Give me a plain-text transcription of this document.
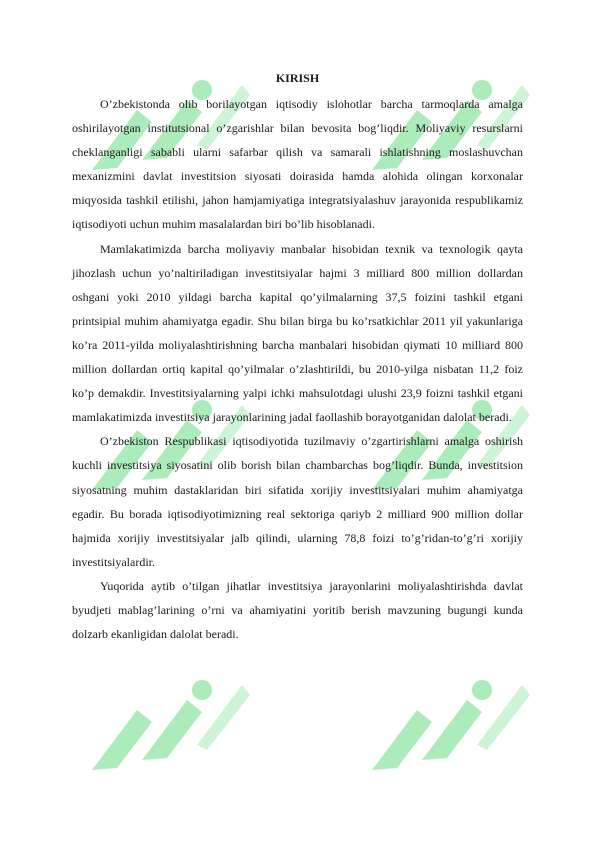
KIRISH

O’zbekistonda olib borilayotgan iqtisodiy islohotlar barcha tarmoqlarda amalga oshirilayotgan institutsional o’zgarishlar bilan bevosita bog’liqdir. Moliyaviy resurslarni cheklanganligi sababli ularni safarbar qilish va samarali ishlatishning moslashuvchan mexanizmini davlat investitsion siyosati doirasida hamda alohida olingan korxonalar miqyosida tashkil etilishi, jahon hamjamiyatiga integratsiyalashuv jarayonida respublikamiz iqtisodiyoti uchun muhim masalalardan biri bo’lib hisoblanadi.

Mamlakatimizda barcha moliyaviy manbalar hisobidan texnik va texnologik qayta jihozlash uchun yo’naltiriladigan investitsiyalar hajmi 3 milliard 800 million dollardan oshgani yoki 2010 yildagi barcha kapital qo’yilmalarning 37,5 foizini tashkil etgani printsipial muhim ahamiyatga egadir. Shu bilan birga bu ko’rsatkichlar 2011 yil yakunlariga ko’ra 2011-yilda moliyalashtirishning barcha manbalari hisobidan qiymati 10 milliard 800 million dollardan ortiq kapital qo’yilmalar o’zlashtirildi, bu 2010-yilga nisbatan 11,2 foiz ko’p demakdir. Investitsiyalarning yalpi ichki mahsulotdagi ulushi 23,9 foizni tashkil etgani mamlakatimizda investitsiya jarayonlarining jadal faollashib borayotganidan dalolat beradi.

O’zbekiston Respublikasi iqtisodiyotida tuzilmaviy o’zgartirishlarni amalga oshirish kuchli investitsiya siyosatini olib borish bilan chambarchas bog’liqdir. Bunda, investitsion siyosatning muhim dastaklaridan biri sifatida xorijiy investitsiyalari muhim ahamiyatga egadir. Bu borada iqtisodiyotimizning real sektoriga qariyb 2 milliard 900 million dollar hajmida xorijiy investitsiyalar jalb qilindi, ularning 78,8 foizi to’g’ridan-to’g’ri xorijiy investitsiyalardir.

Yuqorida aytib o’tilgan jihatlar investitsiya jarayonlarini moliyalashtirishda davlat byudjeti mablag’larining o’rni va ahamiyatini yoritib berish mavzuning bugungi kunda dolzarb ekanligidan dalolat beradi.
